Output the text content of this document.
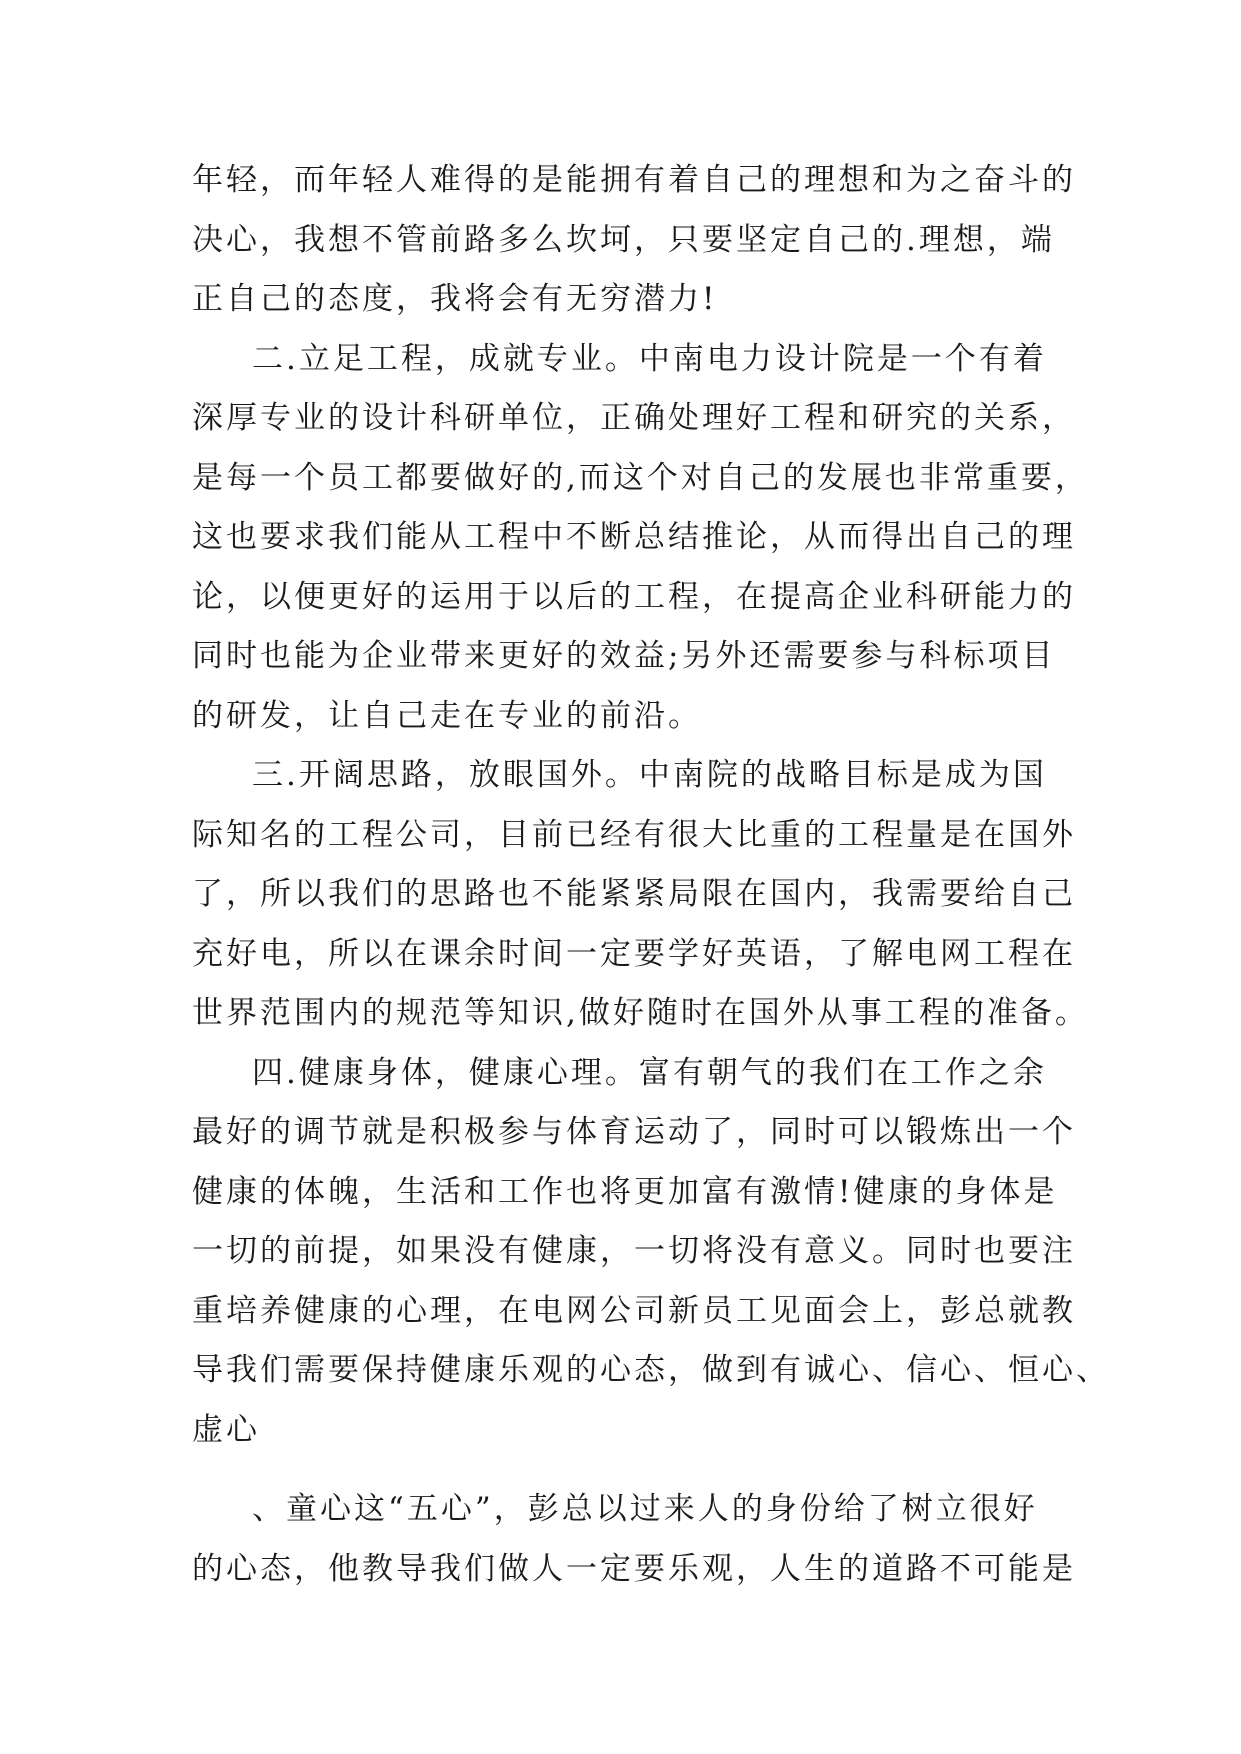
年轻，而年轻人难得的是能拥有着自己的理想和为之奋斗的
决心，我想不管前路多么坎坷，只要坚定自己的.理想，端
正自己的态度，我将会有无穷潜力!
二.立足工程，成就专业。中南电力设计院是一个有着
深厚专业的设计科研单位，正确处理好工程和研究的关系，
是每一个员工都要做好的,而这个对自己的发展也非常重要，
这也要求我们能从工程中不断总结推论，从而得出自己的理
论，以便更好的运用于以后的工程，在提高企业科研能力的
同时也能为企业带来更好的效益;另外还需要参与科标项目
的研发，让自己走在专业的前沿。
三.开阔思路，放眼国外。中南院的战略目标是成为国
际知名的工程公司，目前已经有很大比重的工程量是在国外
了，所以我们的思路也不能紧紧局限在国内，我需要给自己
充好电，所以在课余时间一定要学好英语，了解电网工程在
世界范围内的规范等知识,做好随时在国外从事工程的准备。
四.健康身体，健康心理。富有朝气的我们在工作之余
最好的调节就是积极参与体育运动了，同时可以锻炼出一个
健康的体魄，生活和工作也将更加富有激情!健康的身体是
一切的前提，如果没有健康，一切将没有意义。同时也要注
重培养健康的心理，在电网公司新员工见面会上，彭总就教
导我们需要保持健康乐观的心态，做到有诚心、信心、恒心、
虚心
、童心这“五心”，彭总以过来人的身份给了树立很好
的心态，他教导我们做人一定要乐观，人生的道路不可能是
